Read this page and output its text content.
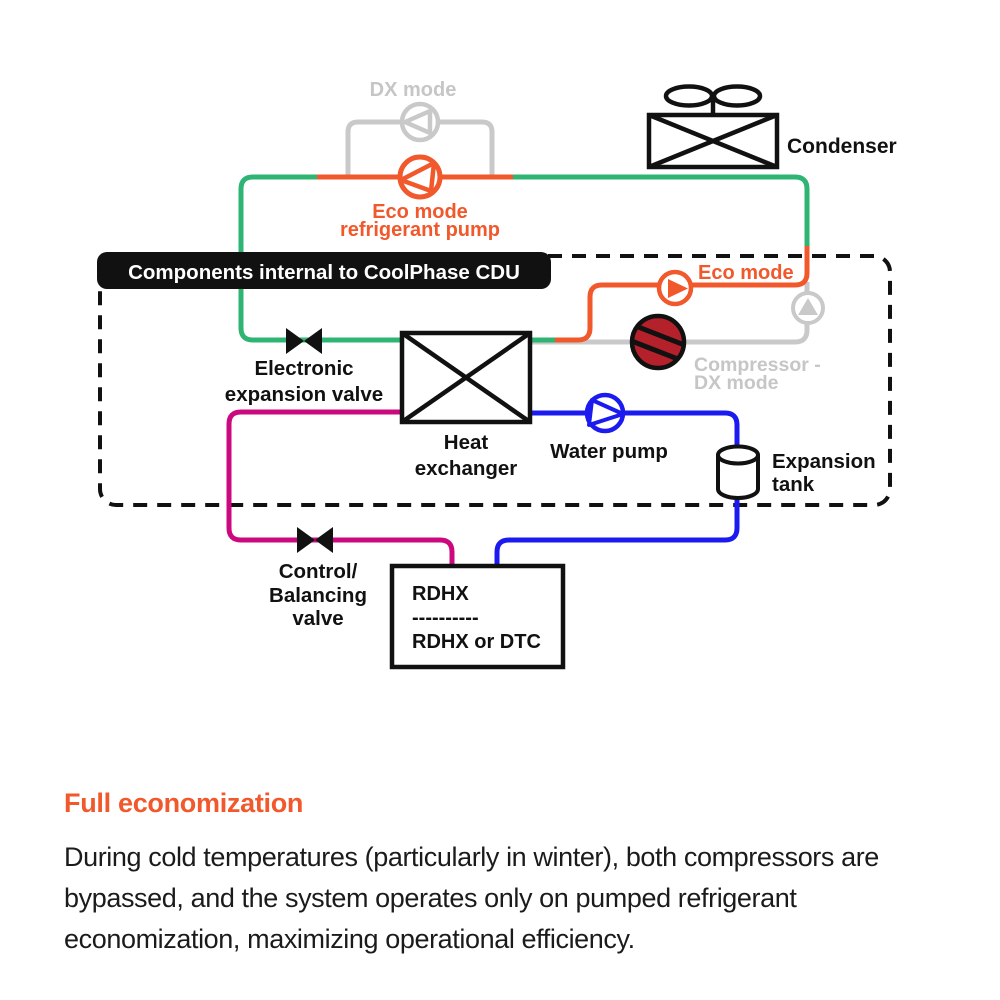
Components internal to CoolPhase CDU
RDHX
----------
RDHX or DTC
DX mode
Eco mode
refrigerant pump
Condenser
Eco mode
Compressor -
DX mode
Electronic
expansion valve
Heat
exchanger
Water pump	Expansion
tank
Control/
Balancing
valve
Full economization

During cold temperatures (particularly in winter), both compressors are bypassed, and the system operates only on pumped refrigerant economization, maximizing operational efficiency.
